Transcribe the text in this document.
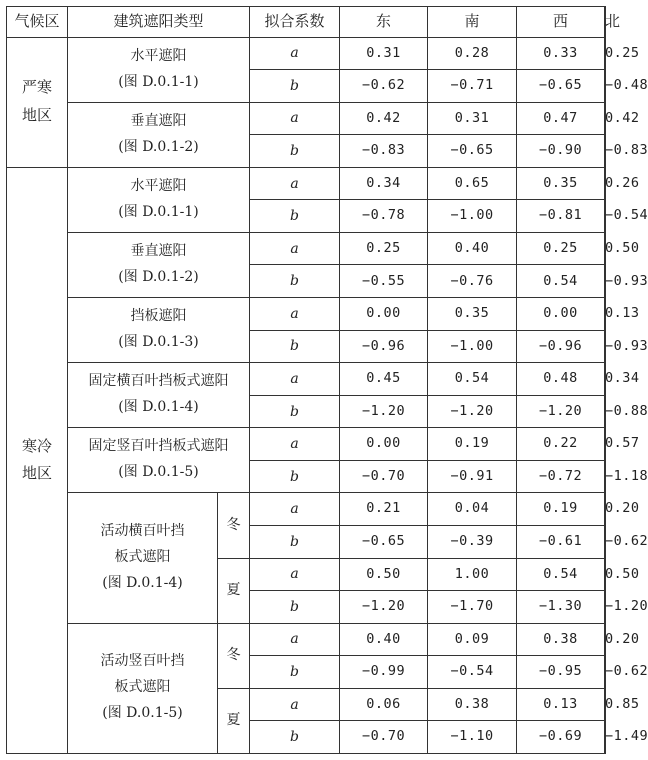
气候区	建筑遮阳类型		拟合系数	东	南	西	北

严寒
地区	水平遮阳
(图 D.0.1-1)		a	0.31	0.28	0.33	0.25
			b	−0.62	−0.71	−0.65	−0.48

	垂直遮阳
(图 D.0.1-2)		a	0.42	0.31	0.47	0.42
			b	−0.83	−0.65	−0.90	−0.83

寒冷
地区	水平遮阳
(图 D.0.1-1)		a	0.34	0.65	0.35	0.26
			b	−0.78	−1.00	−0.81	−0.54

	垂直遮阳
(图 D.0.1-2)		a	0.25	0.40	0.25	0.50
			b	−0.55	−0.76	0.54	−0.93

	挡板遮阳
(图 D.0.1-3)		a	0.00	0.35	0.00	0.13
			b	−0.96	−1.00	−0.96	−0.93

	固定横百叶挡板式遮阳
(图 D.0.1-4)		a	0.45	0.54	0.48	0.34
			b	−1.20	−1.20	−1.20	−0.88

	固定竖百叶挡板式遮阳
(图 D.0.1-5)		a	0.00	0.19	0.22	0.57
			b	−0.70	−0.91	−0.72	−1.18

	活动横百叶挡
板式遮阳
(图 D.0.1-4)	冬	a	0.21	0.04	0.19	0.20
			b	−0.65	−0.39	−0.61	−0.62
		夏	a	0.50	1.00	0.54	0.50
			b	−1.20	−1.70	−1.30	−1.20

	活动竖百叶挡
板式遮阳
(图 D.0.1-5)	冬	a	0.40	0.09	0.38	0.20
			b	−0.99	−0.54	−0.95	−0.62
		夏	a	0.06	0.38	0.13	0.85
			b	−0.70	−1.10	−0.69	−1.49
